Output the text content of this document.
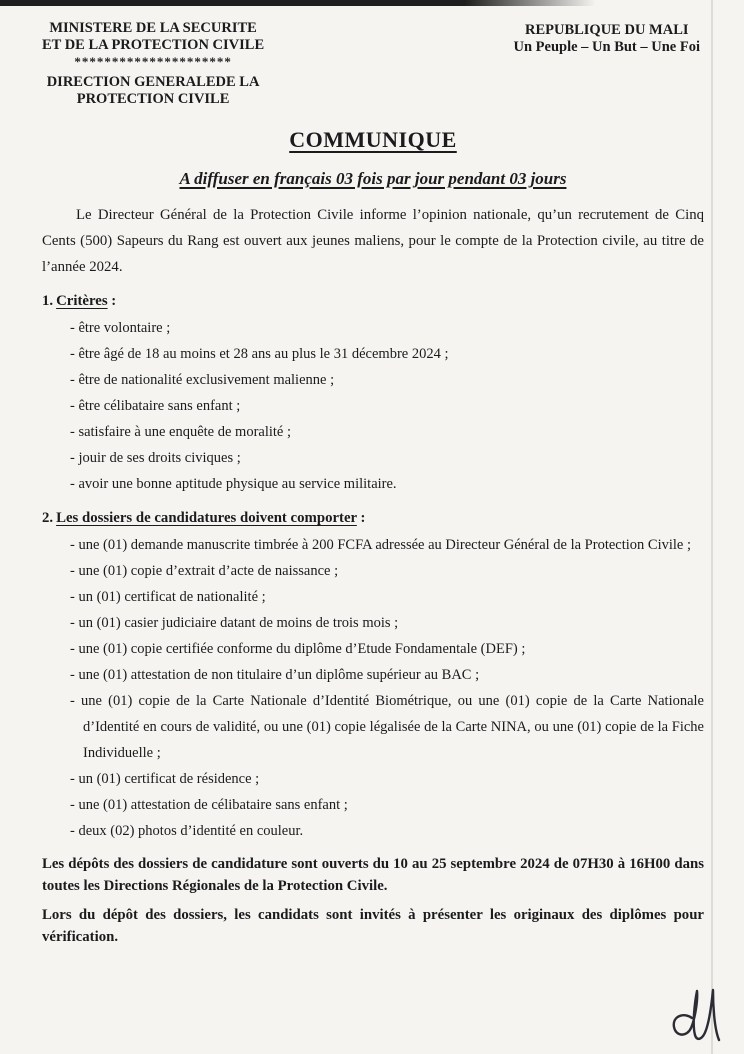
MINISTERE DE LA SECURITE
ET DE LA PROTECTION CIVILE
*********************
DIRECTION GENERALEDE LA
PROTECTION CIVILE
REPUBLIQUE DU MALI
Un Peuple – Un But – Une Foi
COMMUNIQUE
A diffuser en français 03 fois par jour pendant 03 jours

Le Directeur Général de la Protection Civile informe l’opinion nationale, qu’un recrutement de Cinq Cents (500) Sapeurs du Rang est ouvert aux jeunes maliens, pour le compte de la Protection civile, au titre de l’année 2024.

1. Critères :
- être volontaire ;
- être âgé de 18 au moins et 28 ans au plus le 31 décembre 2024 ;
- être de nationalité exclusivement malienne ;
- être célibataire sans enfant ;
- satisfaire à une enquête de moralité ;
- jouir de ses droits civiques ;
- avoir une bonne aptitude physique au service militaire.
2. Les dossiers de candidatures doivent comporter :
- une (01) demande manuscrite timbrée à 200 FCFA adressée au Directeur Général de la Protection Civile ;
- une (01) copie d’extrait d’acte de naissance ;
- un (01) certificat de nationalité ;
- un (01) casier judiciaire datant de moins de trois mois ;
- une (01) copie certifiée conforme du diplôme d’Etude Fondamentale (DEF) ;
- une (01) attestation de non titulaire d’un diplôme supérieur au BAC ;
- une (01) copie de la Carte Nationale d’Identité Biométrique, ou une (01) copie de la Carte Nationale d’Identité en cours de validité, ou une (01) copie légalisée de la Carte NINA, ou une (01) copie de la Fiche Individuelle ;
- un (01) certificat de résidence ;
- une (01) attestation de célibataire sans enfant ;
- deux (02) photos d’identité en couleur.

Les dépôts des dossiers de candidature sont ouverts du 10 au 25 septembre 2024 de 07H30 à 16H00 dans toutes les Directions Régionales de la Protection Civile.

Lors du dépôt des dossiers, les candidats sont invités à présenter les originaux des diplômes pour vérification.
